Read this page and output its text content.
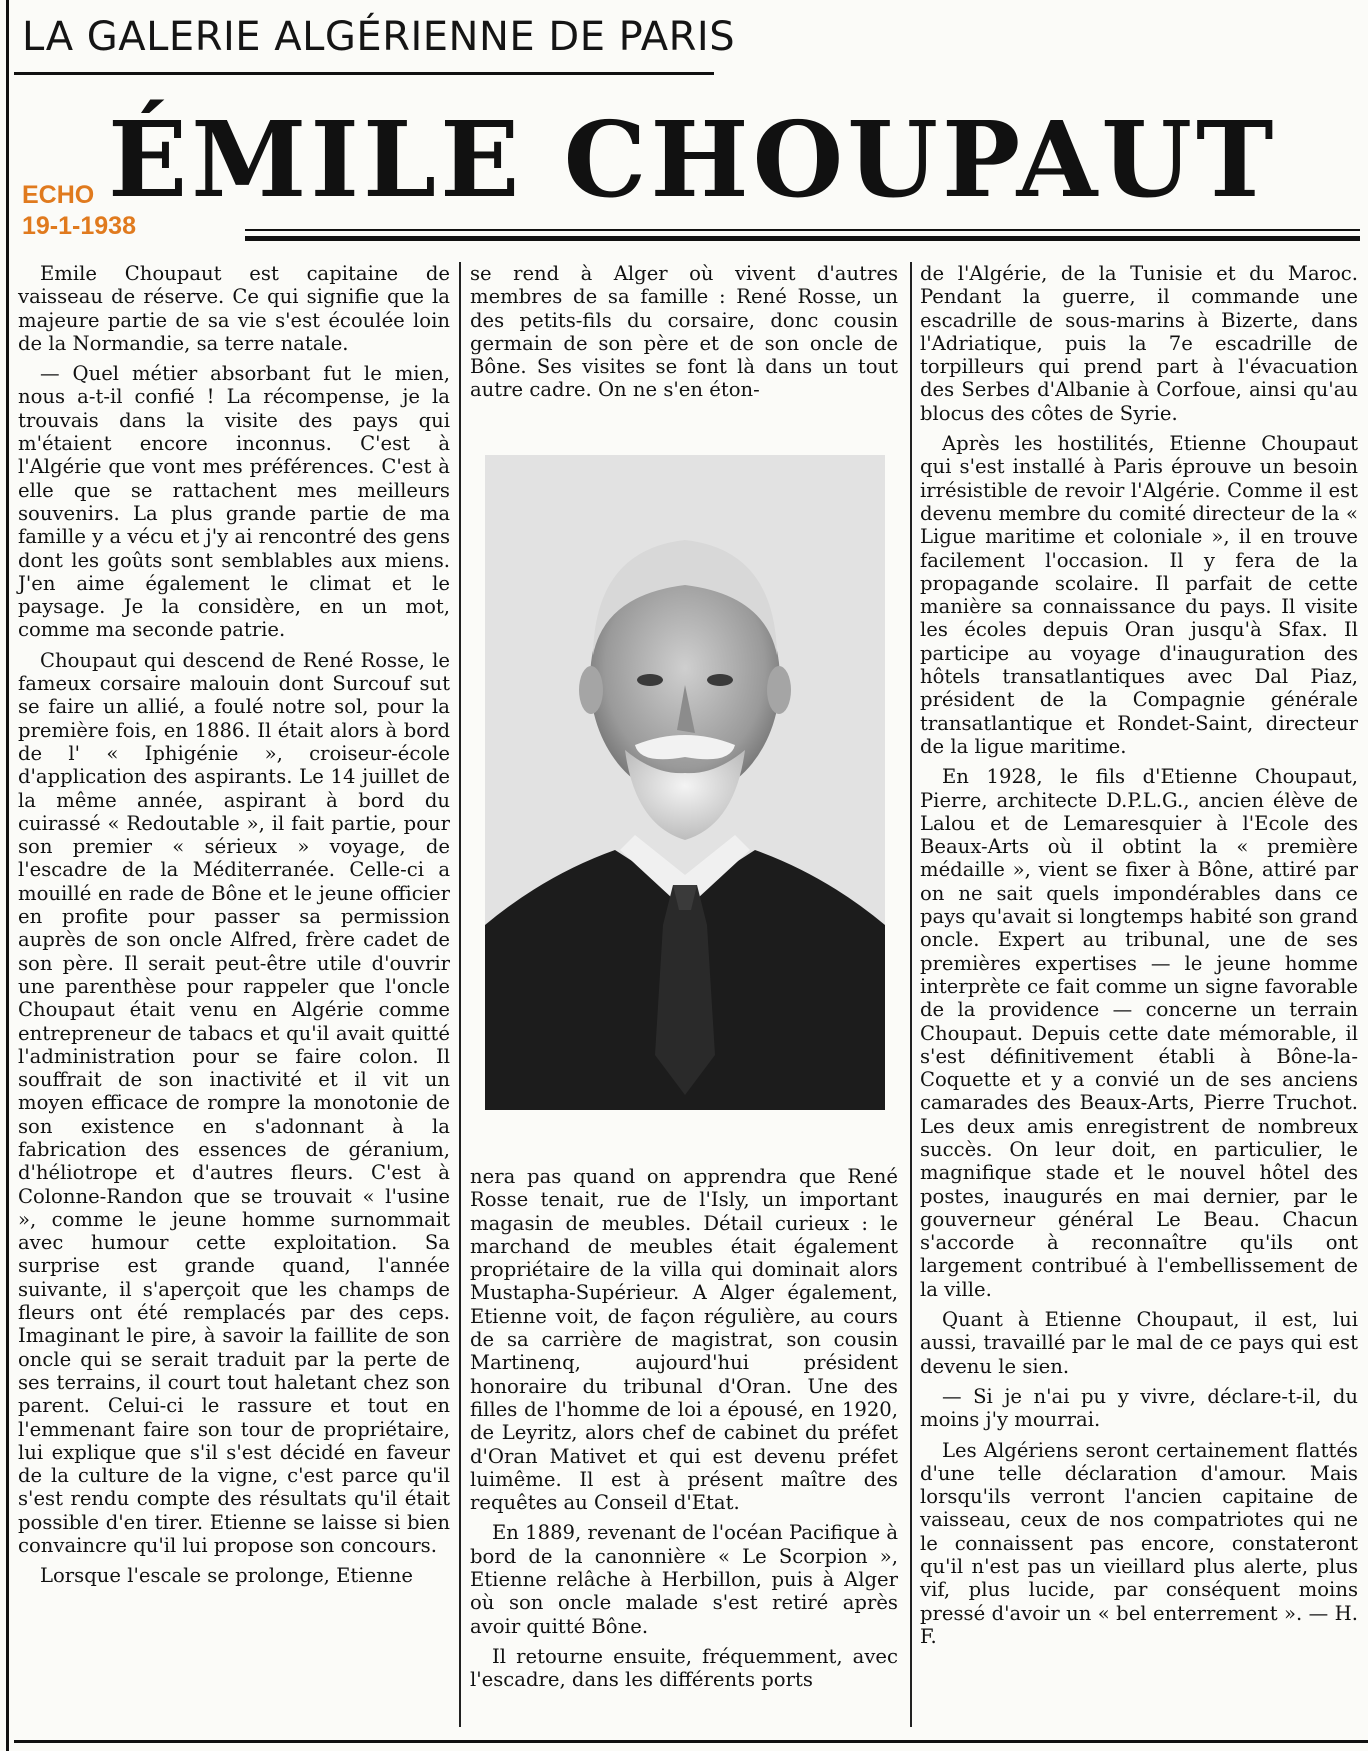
LA GALERIE ALGÉRIENNE DE PARIS
ÉMILE CHOUPAUT
ECHO
19-1-1938

Emile Choupaut est capitaine de vaisseau de réserve. Ce qui signifie que la majeure partie de sa vie s'est écoulée loin de la Normandie, sa terre natale.

— Quel métier absorbant fut le mien, nous a-t-il confié ! La récompense, je la trouvais dans la visite des pays qui m'étaient encore inconnus. C'est à l'Algérie que vont mes préférences. C'est à elle que se rattachent mes meilleurs souvenirs. La plus grande partie de ma famille y a vécu et j'y ai rencontré des gens dont les goûts sont semblables aux miens. J'en aime également le climat et le paysage. Je la considère, en un mot, comme ma seconde patrie.

Choupaut qui descend de René Rosse, le fameux corsaire malouin dont Surcouf sut se faire un allié, a foulé notre sol, pour la première fois, en 1886. Il était alors à bord de l' « Iphigénie », croiseur-école d'application des aspirants. Le 14 juillet de la même année, aspirant à bord du cuirassé « Redoutable », il fait partie, pour son premier « sérieux » voyage, de l'escadre de la Méditerranée. Celle-ci a mouillé en rade de Bône et le jeune officier en profite pour passer sa permission auprès de son oncle Alfred, frère cadet de son père. Il serait peut-être utile d'ouvrir une parenthèse pour rappeler que l'oncle Choupaut était venu en Algérie comme entrepreneur de tabacs et qu'il avait quitté l'administration pour se faire colon. Il souffrait de son inactivité et il vit un moyen efficace de rompre la monotonie de son existence en s'adonnant à la fabrication des essences de géranium, d'héliotrope et d'autres fleurs. C'est à Colonne-Randon que se trouvait « l'usine », comme le jeune homme surnommait avec humour cette exploitation. Sa surprise est grande quand, l'année suivante, il s'aperçoit que les champs de fleurs ont été remplacés par des ceps. Imaginant le pire, à savoir la faillite de son oncle qui se serait traduit par la perte de ses terrains, il court tout haletant chez son parent. Celui-ci le rassure et tout en l'emmenant faire son tour de propriétaire, lui explique que s'il s'est décidé en faveur de la culture de la vigne, c'est parce qu'il s'est rendu compte des résultats qu'il était possible d'en tirer. Etienne se laisse si bien convaincre qu'il lui propose son concours.

Lorsque l'escale se prolonge, Etienne

se rend à Alger où vivent d'autres membres de sa famille : René Rosse, un des petits-fils du corsaire, donc cousin germain de son père et de son oncle de Bône. Ses visites se font là dans un tout autre cadre. On ne s'en éton-

nera pas quand on apprendra que René Rosse tenait, rue de l'Isly, un important magasin de meubles. Détail curieux : le marchand de meubles était également propriétaire de la villa qui dominait alors Mustapha-Supérieur. A Alger également, Etienne voit, de façon régulière, au cours de sa carrière de magistrat, son cousin Martinenq, aujourd'hui président honoraire du tribunal d'Oran. Une des filles de l'homme de loi a épousé, en 1920, de Leyritz, alors chef de cabinet du préfet d'Oran Mativet et qui est devenu préfet luimême. Il est à présent maître des requêtes au Conseil d'Etat.

En 1889, revenant de l'océan Pacifique à bord de la canonnière « Le Scorpion », Etienne relâche à Herbillon, puis à Alger où son oncle malade s'est retiré après avoir quitté Bône.

Il retourne ensuite, fréquemment, avec l'escadre, dans les différents ports

de l'Algérie, de la Tunisie et du Maroc. Pendant la guerre, il commande une escadrille de sous-marins à Bizerte, dans l'Adriatique, puis la 7e escadrille de torpilleurs qui prend part à l'évacuation des Serbes d'Albanie à Corfoue, ainsi qu'au blocus des côtes de Syrie.

Après les hostilités, Etienne Choupaut qui s'est installé à Paris éprouve un besoin irrésistible de revoir l'Algérie. Comme il est devenu membre du comité directeur de la « Ligue maritime et coloniale », il en trouve facilement l'occasion. Il y fera de la propagande scolaire. Il parfait de cette manière sa connaissance du pays. Il visite les écoles depuis Oran jusqu'à Sfax. Il participe au voyage d'inauguration des hôtels transatlantiques avec Dal Piaz, président de la Compagnie générale transatlantique et Rondet-Saint, directeur de la ligue maritime.

En 1928, le fils d'Etienne Choupaut, Pierre, architecte D.P.L.G., ancien élève de Lalou et de Lemaresquier à l'Ecole des Beaux-Arts où il obtint la « première médaille », vient se fixer à Bône, attiré par on ne sait quels impondérables dans ce pays qu'avait si longtemps habité son grand oncle. Expert au tribunal, une de ses premières expertises — le jeune homme interprète ce fait comme un signe favorable de la providence — concerne un terrain Choupaut. Depuis cette date mémorable, il s'est définitivement établi à Bône-la-Coquette et y a convié un de ses anciens camarades des Beaux-Arts, Pierre Truchot. Les deux amis enregistrent de nombreux succès. On leur doit, en particulier, le magnifique stade et le nouvel hôtel des postes, inaugurés en mai dernier, par le gouverneur général Le Beau. Chacun s'accorde à reconnaître qu'ils ont largement contribué à l'embellissement de la ville.

Quant à Etienne Choupaut, il est, lui aussi, travaillé par le mal de ce pays qui est devenu le sien.

— Si je n'ai pu y vivre, déclare-t-il, du moins j'y mourrai.

Les Algériens seront certainement flattés d'une telle déclaration d'amour. Mais lorsqu'ils verront l'ancien capitaine de vaisseau, ceux de nos compatriotes qui ne le connaissent pas encore, constateront qu'il n'est pas un vieillard plus alerte, plus vif, plus lucide, par conséquent moins pressé d'avoir un « bel enterrement ». — H. F.
